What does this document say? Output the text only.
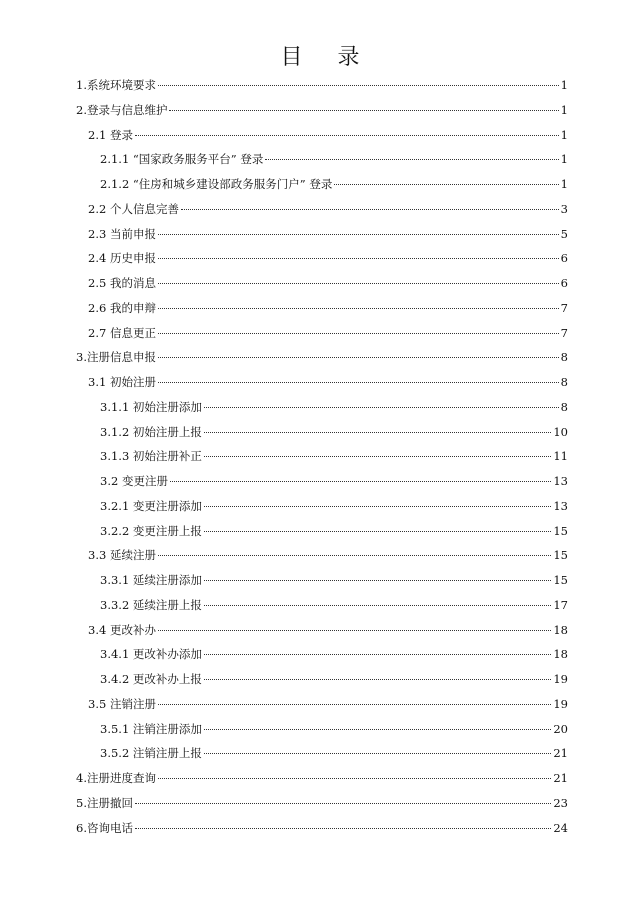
目 录
1.系统环境要求	1
2.登录与信息维护	1
2.1 登录	1
2.1.1 “国家政务服务平台” 登录	1
2.1.2 “住房和城乡建设部政务服务门户” 登录	1
2.2 个人信息完善	3
2.3 当前申报	5
2.4 历史申报	6
2.5 我的消息	6
2.6 我的申辩	7
2.7 信息更正	7
3.注册信息申报	8
3.1 初始注册	8
3.1.1 初始注册添加	8
3.1.2 初始注册上报	10
3.1.3 初始注册补正	11
3.2 变更注册	13
3.2.1 变更注册添加	13
3.2.2 变更注册上报	15
3.3 延续注册	15
3.3.1 延续注册添加	15
3.3.2 延续注册上报	17
3.4 更改补办	18
3.4.1 更改补办添加	18
3.4.2 更改补办上报	19
3.5 注销注册	19
3.5.1 注销注册添加	20
3.5.2 注销注册上报	21
4.注册进度查询	21
5.注册撤回	23
6.咨询电话	24
